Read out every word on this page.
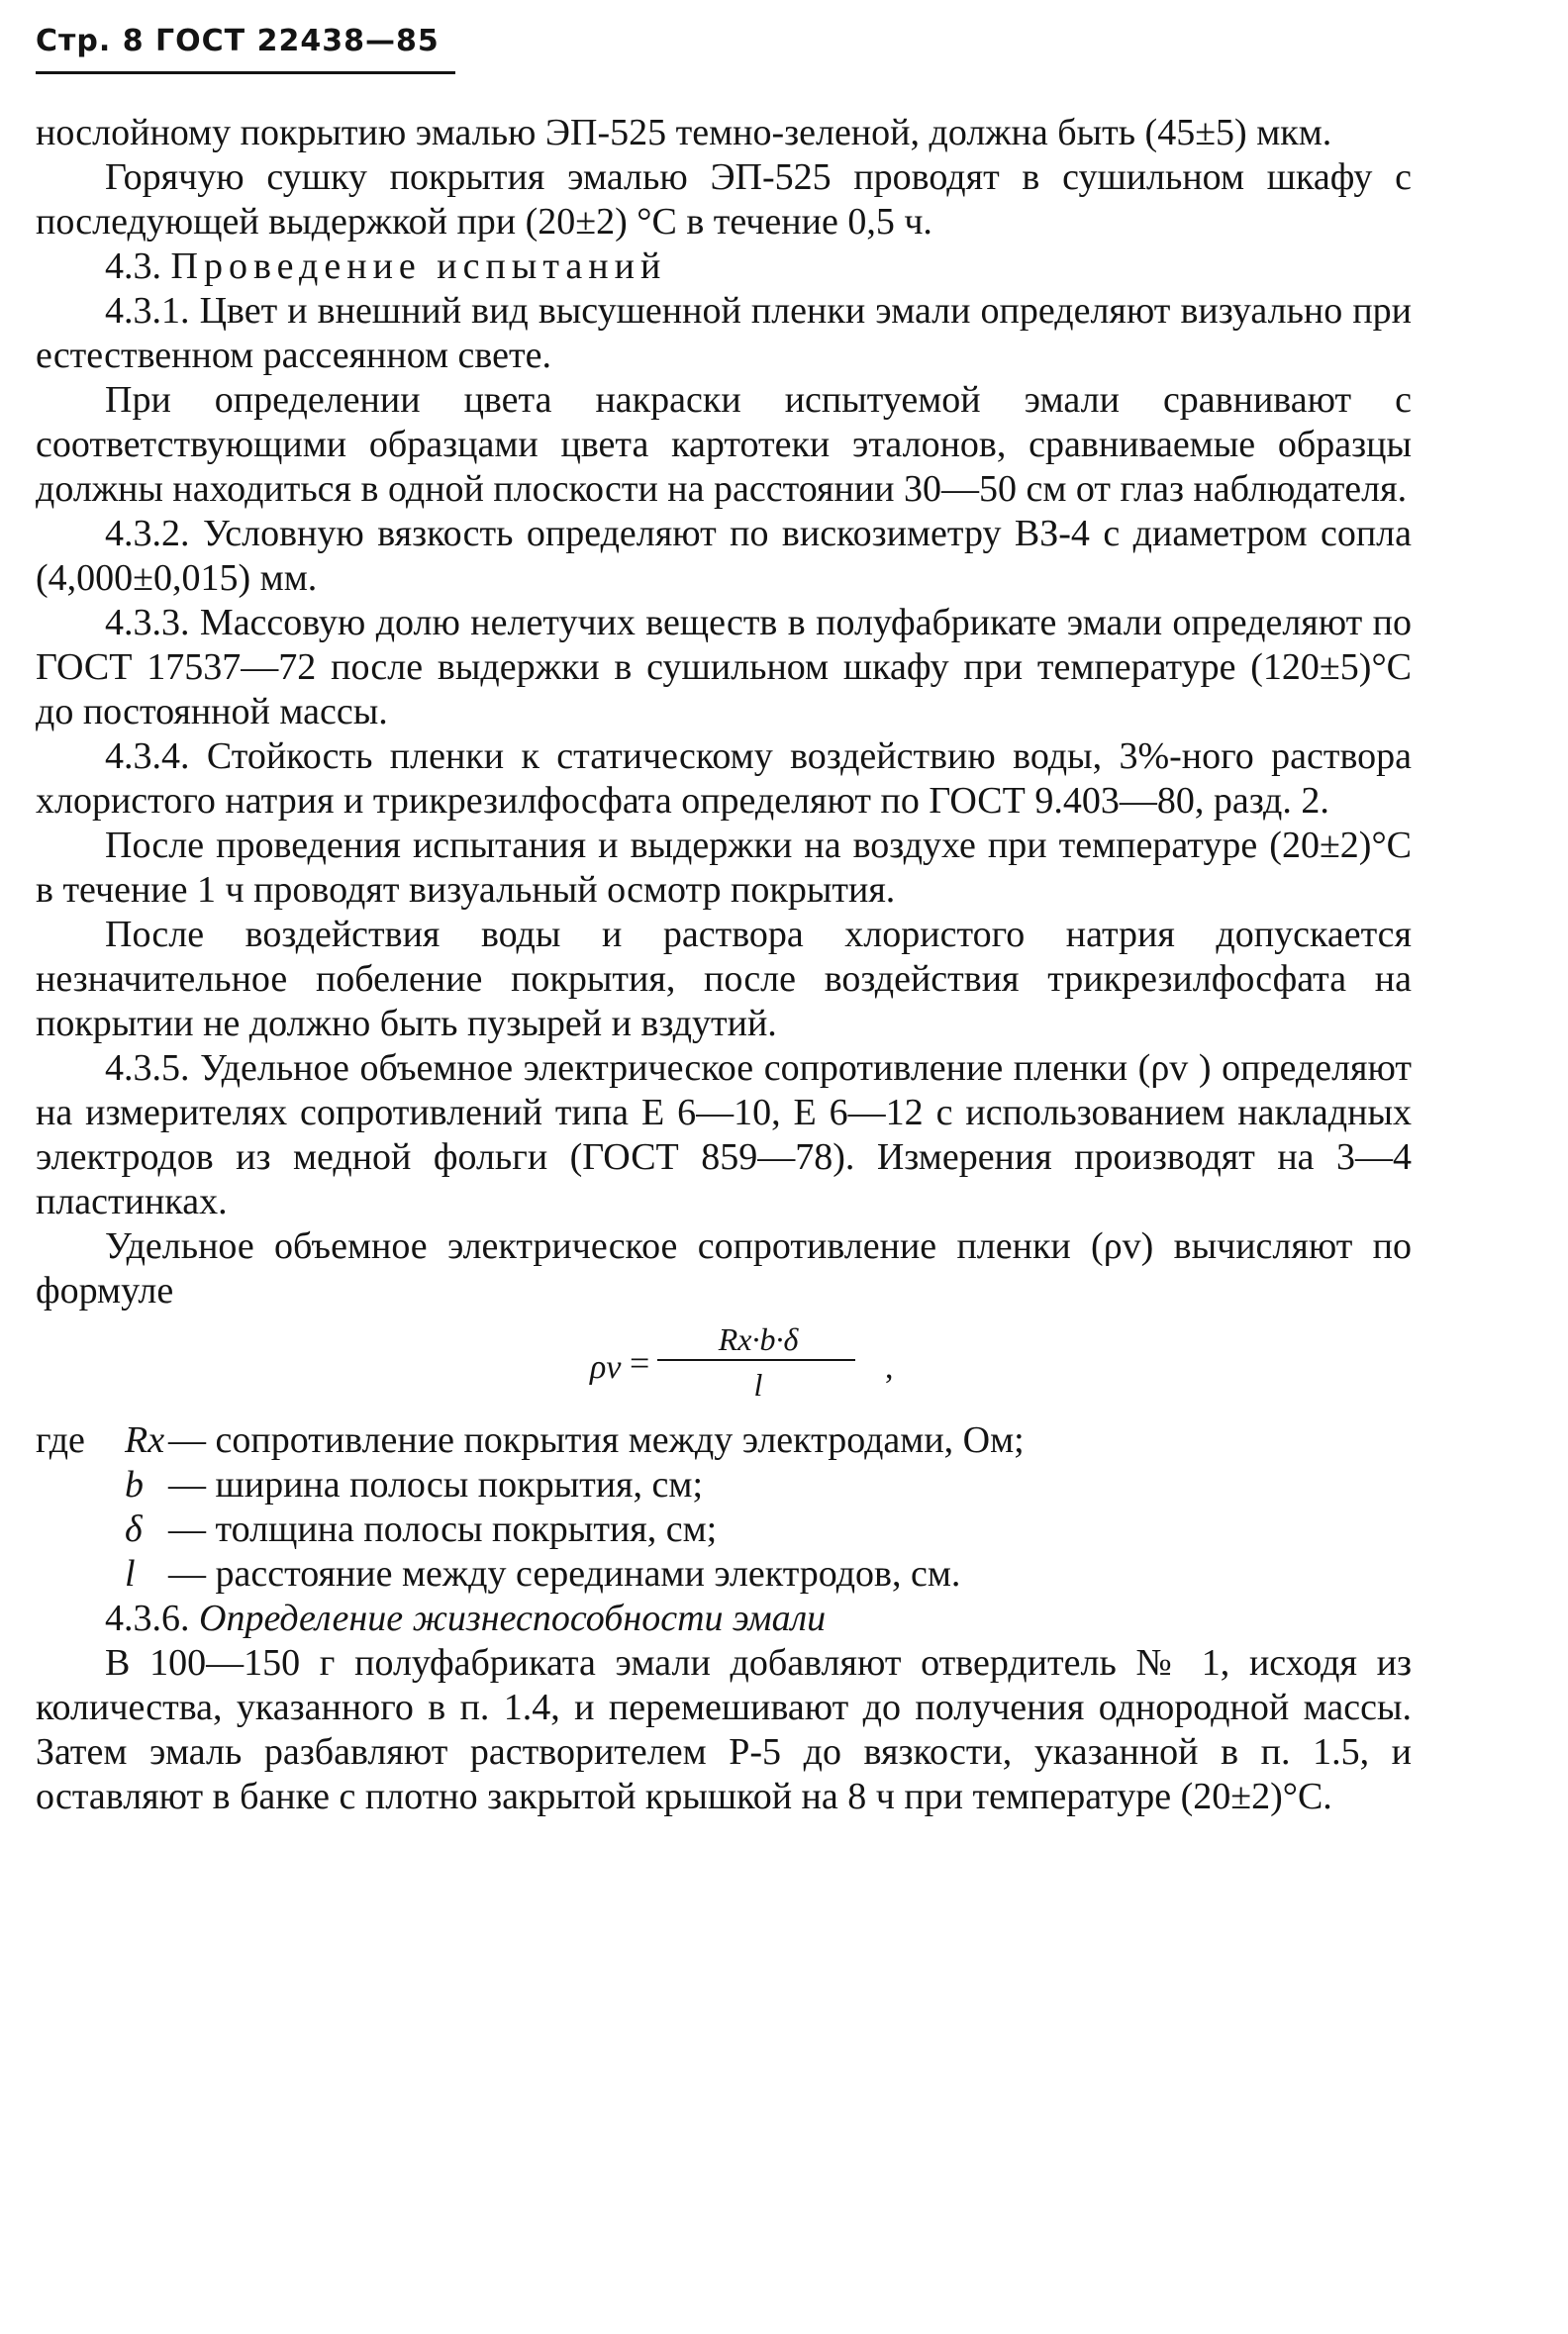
Стр. 8 ГОСТ 22438—85

нослойному покрытию эмалью ЭП-525 темно-зеленой, должна быть (45±5) мкм.

Горячую сушку покрытия эмалью ЭП-525 проводят в сушильном шкафу с последующей выдержкой при (20±2) °С в течение 0,5 ч.

4.3. Проведение испытаний

4.3.1. Цвет и внешний вид высушенной пленки эмали определяют визуально при естественном рассеянном свете.

При определении цвета накраски испытуемой эмали сравнивают с соответствующими образцами цвета картотеки эталонов, сравниваемые образцы должны находиться в одной плоскости на расстоянии 30—50 см от глаз наблюдателя.

4.3.2. Условную вязкость определяют по вискозиметру ВЗ-4 с диаметром сопла (4,000±0,015) мм.

4.3.3. Массовую долю нелетучих веществ в полуфабрикате эмали определяют по ГОСТ 17537—72 после выдержки в сушильном шкафу при температуре (120±5)°С до постоянной массы.

4.3.4. Стойкость пленки к статическому воздействию воды, 3%-ного раствора хлористого натрия и трикрезилфосфата определяют по ГОСТ 9.403—80, разд. 2.

После проведения испытания и выдержки на воздухе при температуре (20±2)°С в течение 1 ч проводят визуальный осмотр покрытия.

После воздействия воды и раствора хлористого натрия допускается незначительное побеление покрытия, после воздействия трикрезилфосфата на покрытии не должно быть пузырей и вздутий.

4.3.5. Удельное объемное электрическое сопротивление пленки (ρv ) определяют на измерителях сопротивлений типа Е 6—10, Е 6—12 с использованием накладных электродов из медной фольги (ГОСТ 859—78). Измерения производят на 3—4 пластинках.

Удельное объемное электрическое сопротивление пленки (ρv) вычисляют по формуле

ρv =
Rx·b·δ
l	,
где	Rx — сопротивление покрытия между электродами, Ом;
b — ширина полосы покрытия, см;
δ — толщина полосы покрытия, см;
l — расстояние между серединами электродов, см.

4.3.6. Определение жизнеспособности эмали

В 100—150 г полуфабриката эмали добавляют отвердитель № 1, исходя из количества, указанного в п. 1.4, и перемешивают до получения однородной массы. Затем эмаль разбавляют растворителем Р-5 до вязкости, указанной в п. 1.5, и оставляют в банке с плотно закрытой крышкой на 8 ч при температуре (20±2)°С.
